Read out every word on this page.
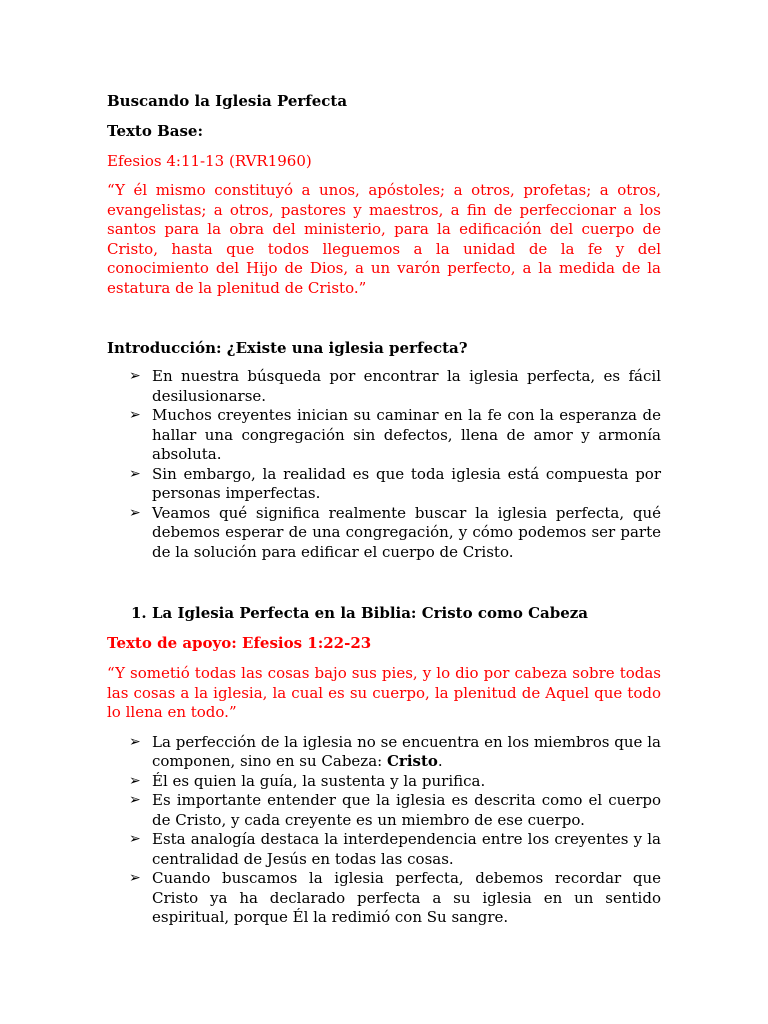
Buscando la Iglesia Perfecta
Texto Base:
Efesios 4:11-13 (RVR1960)
“Y él mismo constituyó a unos, apóstoles; a otros, profetas; a otros, evangelistas; a otros, pastores y maestros, a fin de perfeccionar a los santos para la obra del ministerio, para la edificación del cuerpo de Cristo, hasta que todos lleguemos a la unidad de la fe y del conocimiento del Hijo de Dios, a un varón perfecto, a la medida de la estatura de la plenitud de Cristo.”
Introducción: ¿Existe una iglesia perfecta?
➢ En nuestra búsqueda por encontrar la iglesia perfecta, es fácil desilusionarse.
➢ Muchos creyentes inician su caminar en la fe con la esperanza de hallar una congregación sin defectos, llena de amor y armonía absoluta.
➢ Sin embargo, la realidad es que toda iglesia está compuesta por personas imperfectas.
➢ Veamos qué significa realmente buscar la iglesia perfecta, qué debemos esperar de una congregación, y cómo podemos ser parte de la solución para edificar el cuerpo de Cristo.
1. La Iglesia Perfecta en la Biblia: Cristo como Cabeza
Texto de apoyo: Efesios 1:22-23
“Y sometió todas las cosas bajo sus pies, y lo dio por cabeza sobre todas las cosas a la iglesia, la cual es su cuerpo, la plenitud de Aquel que todo lo llena en todo.”
➢ La perfección de la iglesia no se encuentra en los miembros que la componen, sino en su Cabeza: Cristo.
➢ Él es quien la guía, la sustenta y la purifica.
➢ Es importante entender que la iglesia es descrita como el cuerpo de Cristo, y cada creyente es un miembro de ese cuerpo.
➢ Esta analogía destaca la interdependencia entre los creyentes y la centralidad de Jesús en todas las cosas.
➢ Cuando buscamos la iglesia perfecta, debemos recordar que Cristo ya ha declarado perfecta a su iglesia en un sentido espiritual, porque Él la redimió con Su sangre.
